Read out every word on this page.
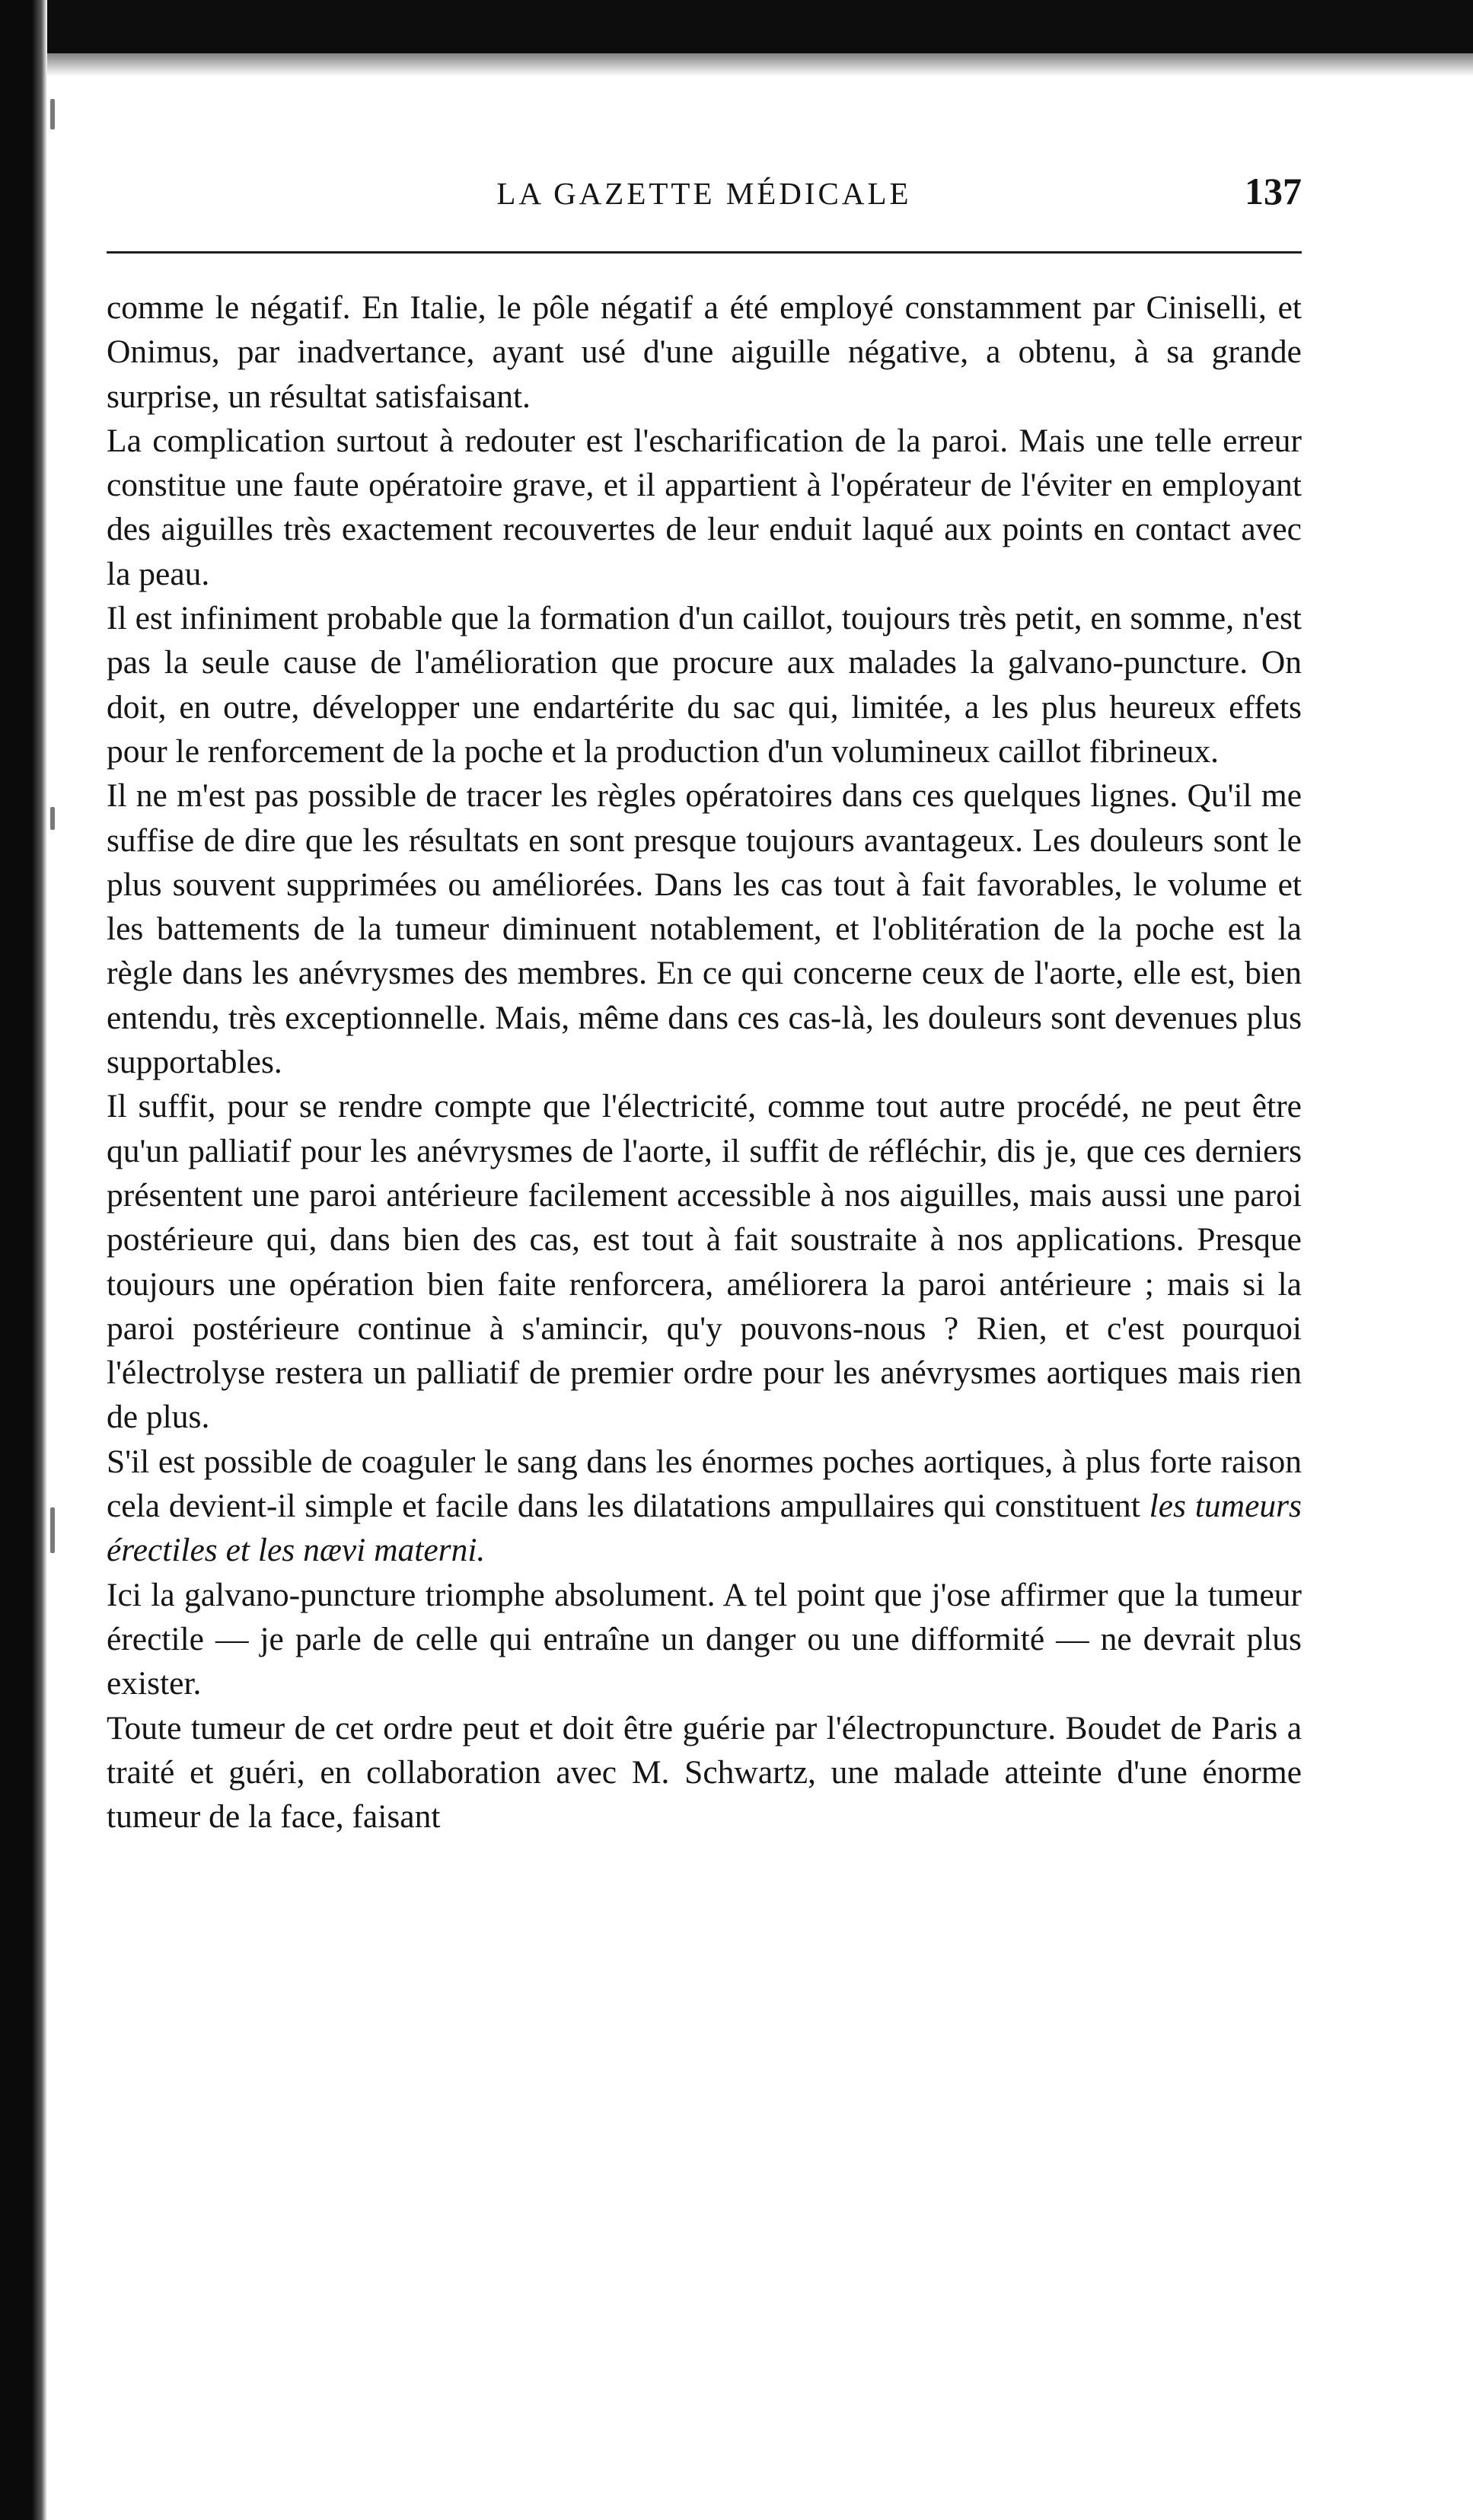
LA GAZETTE MÉDICALE	137

comme le négatif. En Italie, le pôle négatif a été employé constamment par Ciniselli, et Onimus, par inadvertance, ayant usé d'une aiguille négative, a obtenu, à sa grande surprise, un résultat satisfaisant.

La complication surtout à redouter est l'escharification de la paroi. Mais une telle erreur constitue une faute opératoire grave, et il appartient à l'opérateur de l'éviter en employant des aiguilles très exactement recouvertes de leur enduit laqué aux points en contact avec la peau.

Il est infiniment probable que la formation d'un caillot, toujours très petit, en somme, n'est pas la seule cause de l'amélioration que procure aux malades la galvano-puncture. On doit, en outre, développer une endartérite du sac qui, limitée, a les plus heureux effets pour le renforcement de la poche et la production d'un volumineux caillot fibrineux.

Il ne m'est pas possible de tracer les règles opératoires dans ces quelques lignes. Qu'il me suffise de dire que les résultats en sont presque toujours avantageux. Les douleurs sont le plus souvent supprimées ou améliorées. Dans les cas tout à fait favorables, le volume et les battements de la tumeur diminuent notablement, et l'oblitération de la poche est la règle dans les anévrysmes des membres. En ce qui concerne ceux de l'aorte, elle est, bien entendu, très exceptionnelle. Mais, même dans ces cas-là, les douleurs sont devenues plus supportables.

Il suffit, pour se rendre compte que l'électricité, comme tout autre procédé, ne peut être qu'un palliatif pour les anévrysmes de l'aorte, il suffit de réfléchir, dis je, que ces derniers présentent une paroi antérieure facilement accessible à nos aiguilles, mais aussi une paroi postérieure qui, dans bien des cas, est tout à fait soustraite à nos applications. Presque toujours une opération bien faite renforcera, améliorera la paroi antérieure ; mais si la paroi postérieure continue à s'amincir, qu'y pouvons-nous ? Rien, et c'est pourquoi l'électrolyse restera un palliatif de premier ordre pour les anévrysmes aortiques mais rien de plus.

S'il est possible de coaguler le sang dans les énormes poches aortiques, à plus forte raison cela devient-il simple et facile dans les dilatations ampullaires qui constituent les tumeurs érectiles et les nævi materni.

Ici la galvano-puncture triomphe absolument. A tel point que j'ose affirmer que la tumeur érectile — je parle de celle qui entraîne un danger ou une difformité — ne devrait plus exister.

Toute tumeur de cet ordre peut et doit être guérie par l'électropuncture. Boudet de Paris a traité et guéri, en collaboration avec M. Schwartz, une malade atteinte d'une énorme tumeur de la face, faisant
